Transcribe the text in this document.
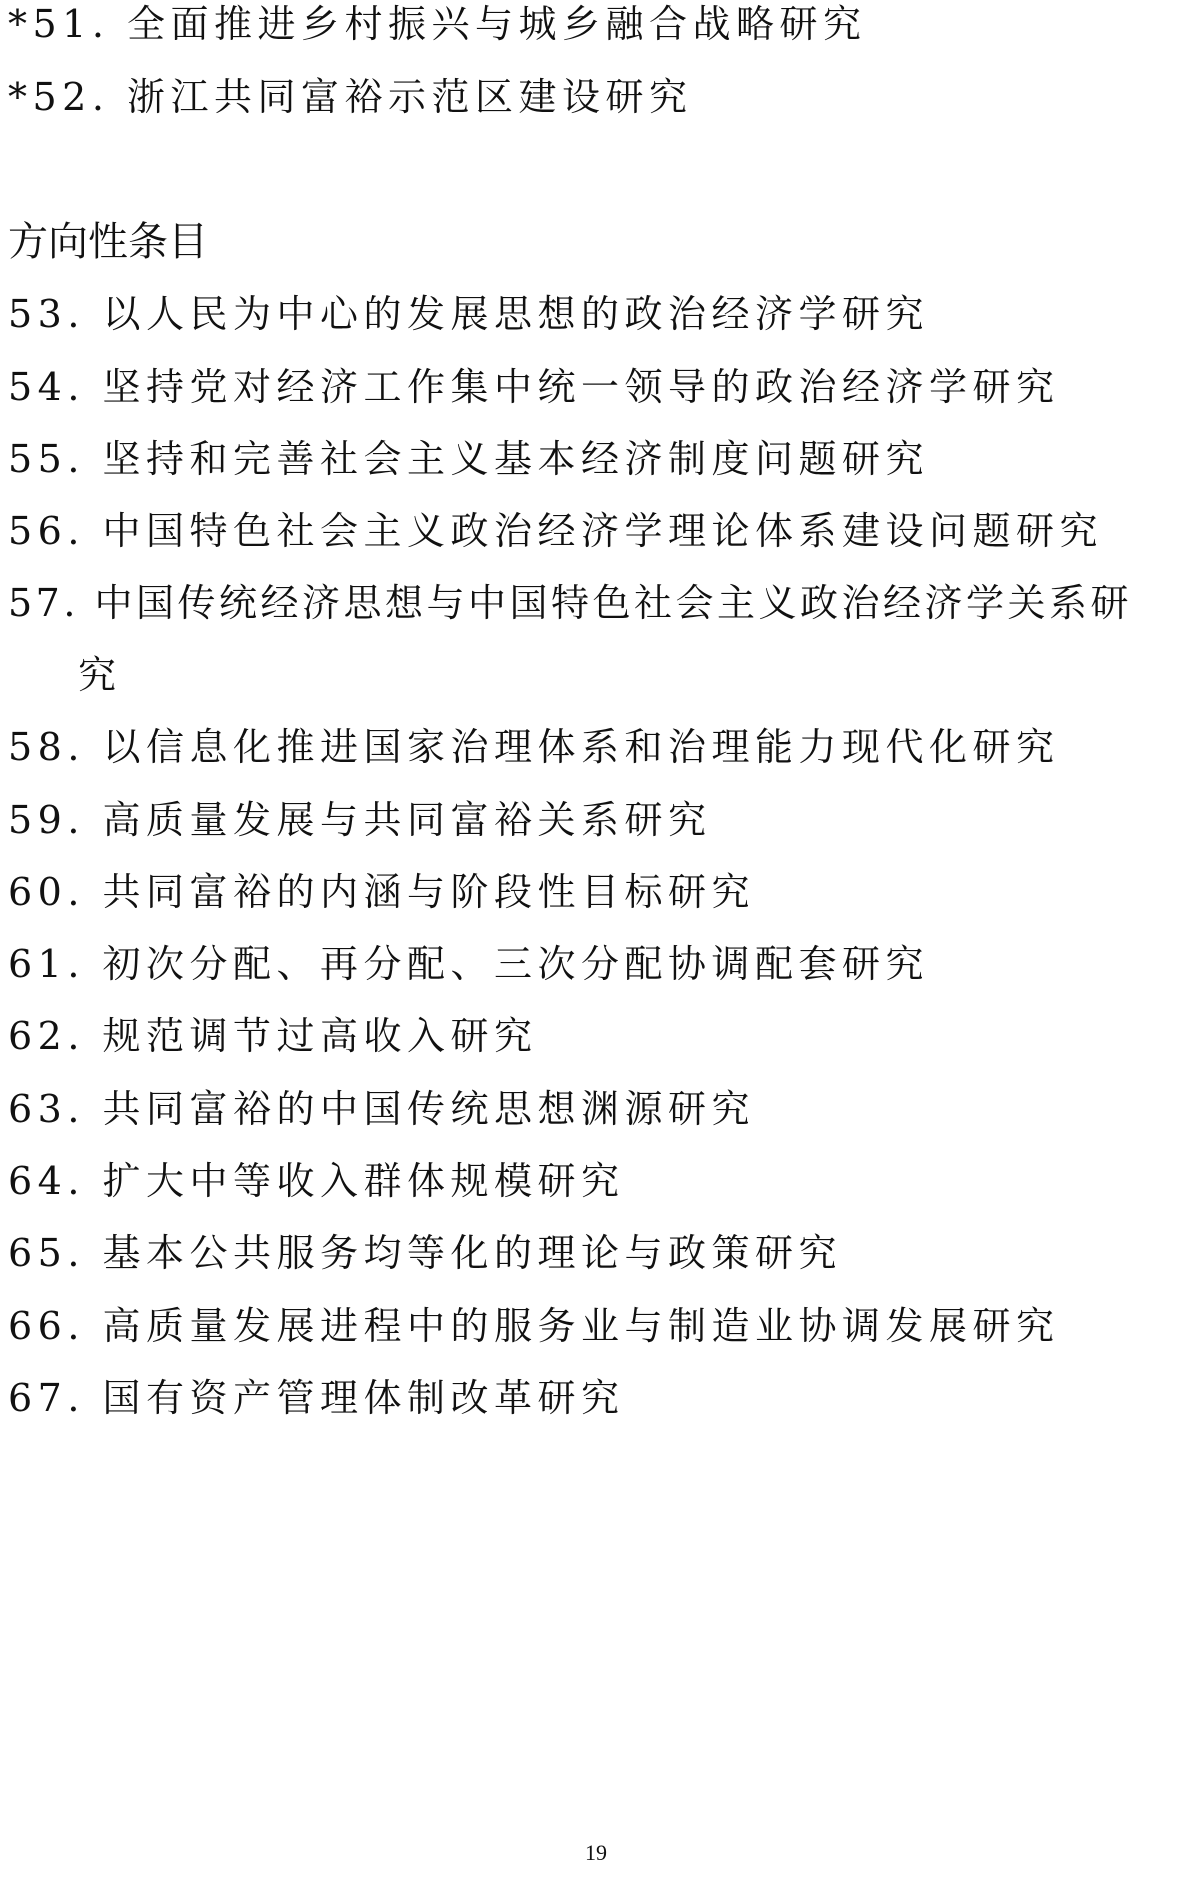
*51. 全面推进乡村振兴与城乡融合战略研究
*52. 浙江共同富裕示范区建设研究
方向性条目
53. 以人民为中心的发展思想的政治经济学研究
54. 坚持党对经济工作集中统一领导的政治经济学研究
55. 坚持和完善社会主义基本经济制度问题研究
56. 中国特色社会主义政治经济学理论体系建设问题研究
57. 中国传统经济思想与中国特色社会主义政治经济学关系研
究
58. 以信息化推进国家治理体系和治理能力现代化研究
59. 高质量发展与共同富裕关系研究
60. 共同富裕的内涵与阶段性目标研究
61. 初次分配、再分配、三次分配协调配套研究
62. 规范调节过高收入研究
63. 共同富裕的中国传统思想渊源研究
64. 扩大中等收入群体规模研究
65. 基本公共服务均等化的理论与政策研究
66. 高质量发展进程中的服务业与制造业协调发展研究
67. 国有资产管理体制改革研究
19
